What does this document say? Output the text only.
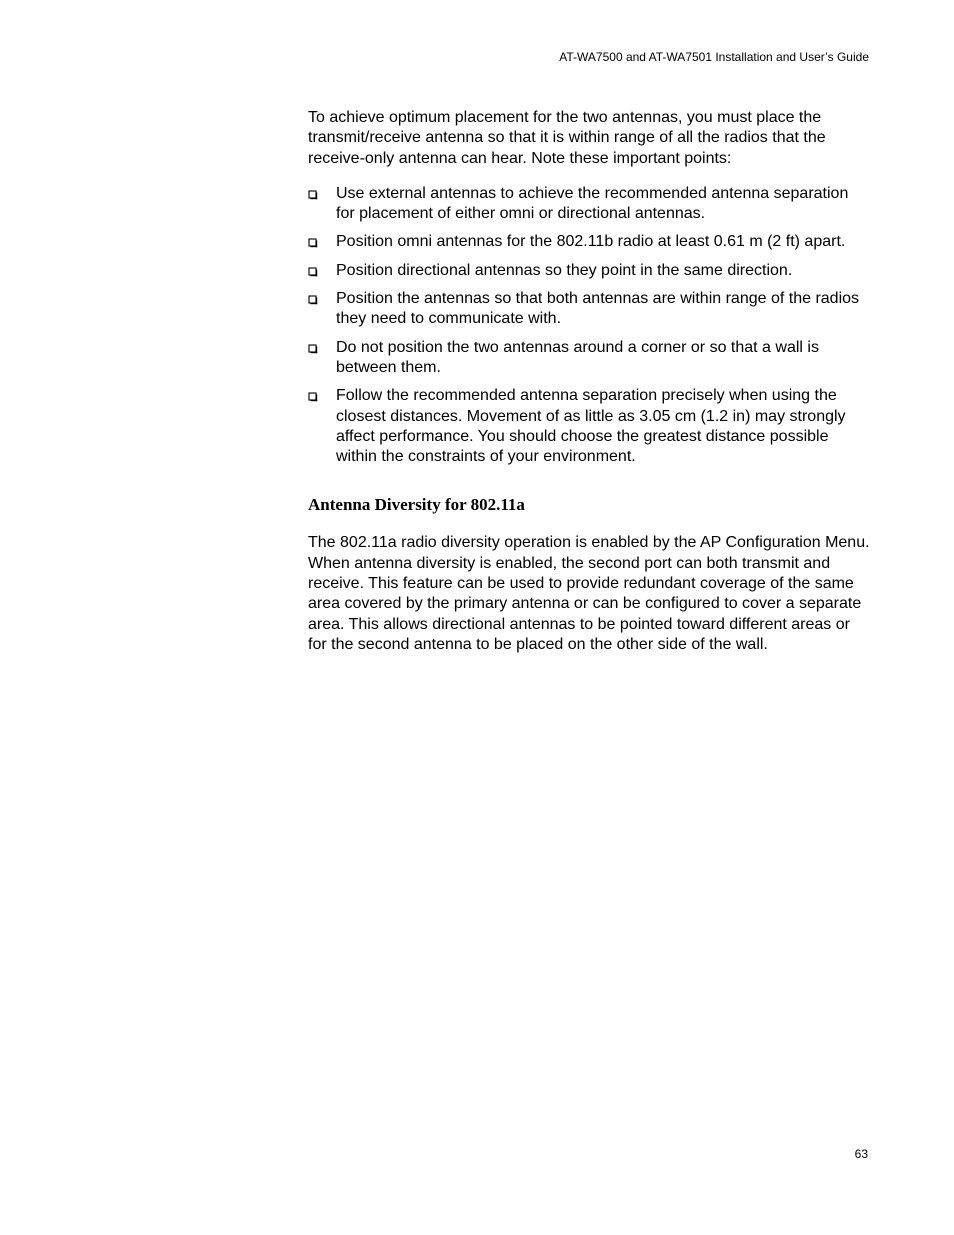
AT-WA7500 and AT-WA7501 Installation and User’s Guide

To achieve optimum placement for the two antennas, you must place the transmit/receive antenna so that it is within range of all the radios that the receive-only antenna can hear. Note these important points:

Use external antennas to achieve the recommended antenna separation for placement of either omni or directional antennas.
Position omni antennas for the 802.11b radio at least 0.61 m (2 ft) apart.
Position directional antennas so they point in the same direction.
Position the antennas so that both antennas are within range of the radios they need to communicate with.
Do not position the two antennas around a corner or so that a wall is between them.
Follow the recommended antenna separation precisely when using the closest distances. Movement of as little as 3.05 cm (1.2 in) may strongly affect performance. You should choose the greatest distance possible within the constraints of your environment.

Antenna Diversity for 802.11a

The 802.11a radio diversity operation is enabled by the AP Configuration Menu. When antenna diversity is enabled, the second port can both transmit and receive. This feature can be used to provide redundant coverage of the same area covered by the primary antenna or can be configured to cover a separate area. This allows directional antennas to be pointed toward different areas or for the second antenna to be placed on the other side of the wall.

63
